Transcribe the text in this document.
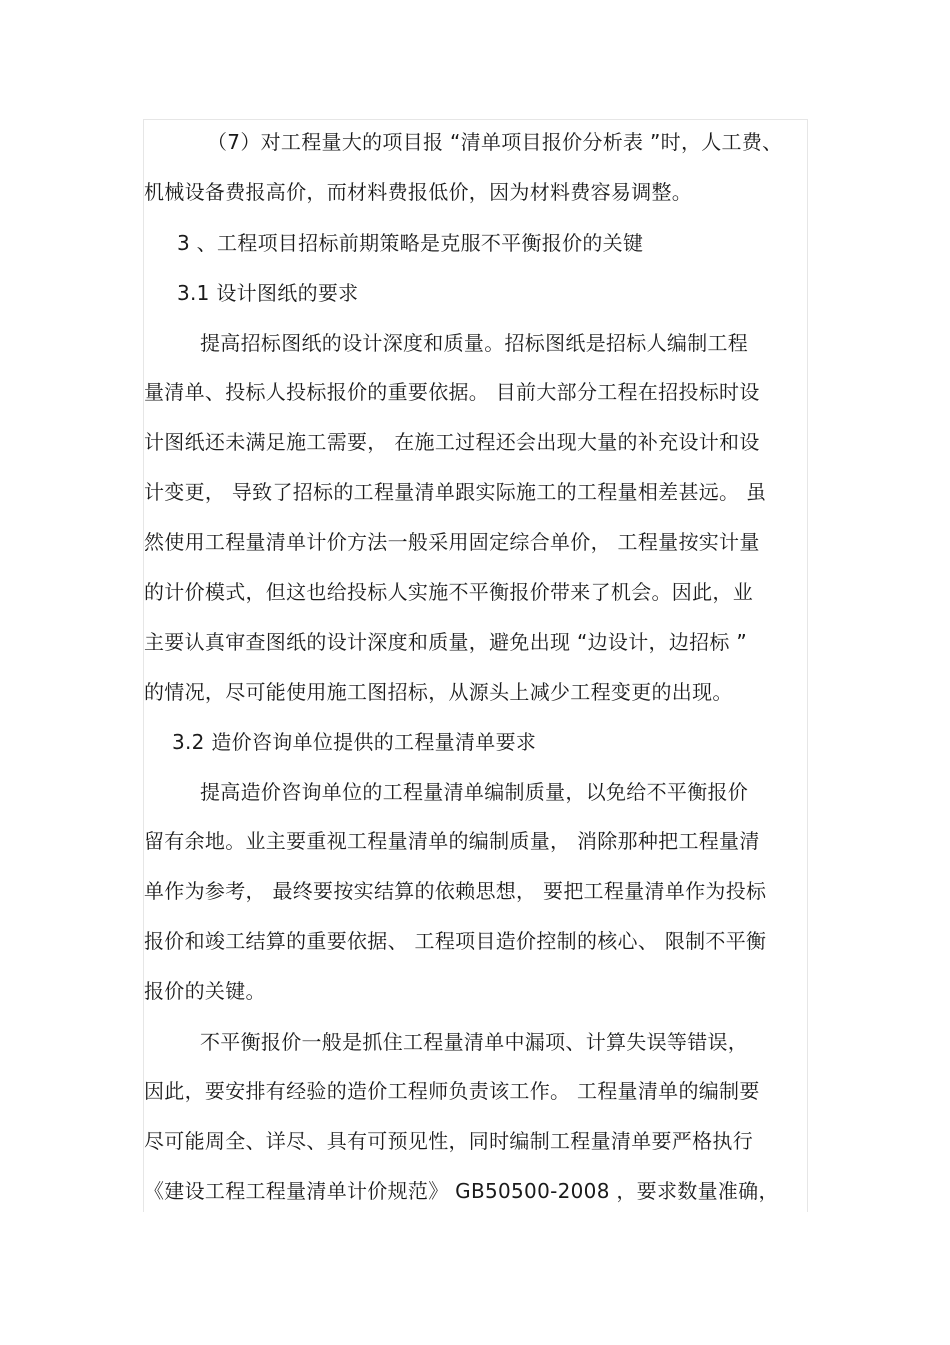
（7）对工程量大的项目报 “清单项目报价分析表 ”时，人工费、
机械设备费报高价，而材料费报低价，因为材料费容易调整。
3 、工程项目招标前期策略是克服不平衡报价的关键
3.1 设计图纸的要求
提高招标图纸的设计深度和质量。招标图纸是招标人编制工程
量清单、投标人投标报价的重要依据。 目前大部分工程在招投标时设
计图纸还未满足施工需要， 在施工过程还会出现大量的补充设计和设
计变更， 导致了招标的工程量清单跟实际施工的工程量相差甚远。 虽
然使用工程量清单计价方法一般采用固定综合单价， 工程量按实计量
的计价模式，但这也给投标人实施不平衡报价带来了机会。因此，业
主要认真审查图纸的设计深度和质量，避免出现 “边设计，边招标 ”
的情况，尽可能使用施工图招标，从源头上减少工程变更的出现。
3.2 造价咨询单位提供的工程量清单要求
提高造价咨询单位的工程量清单编制质量，以免给不平衡报价
留有余地。业主要重视工程量清单的编制质量， 消除那种把工程量清
单作为参考， 最终要按实结算的依赖思想， 要把工程量清单作为投标
报价和竣工结算的重要依据、 工程项目造价控制的核心、 限制不平衡
报价的关键。
不平衡报价一般是抓住工程量清单中漏项、计算失误等错误，
因此，要安排有经验的造价工程师负责该工作。 工程量清单的编制要
尽可能周全、详尽、具有可预见性，同时编制工程量清单要严格执行
《建设工程工程量清单计价规范》 GB50500-2008 ，要求数量准确，
